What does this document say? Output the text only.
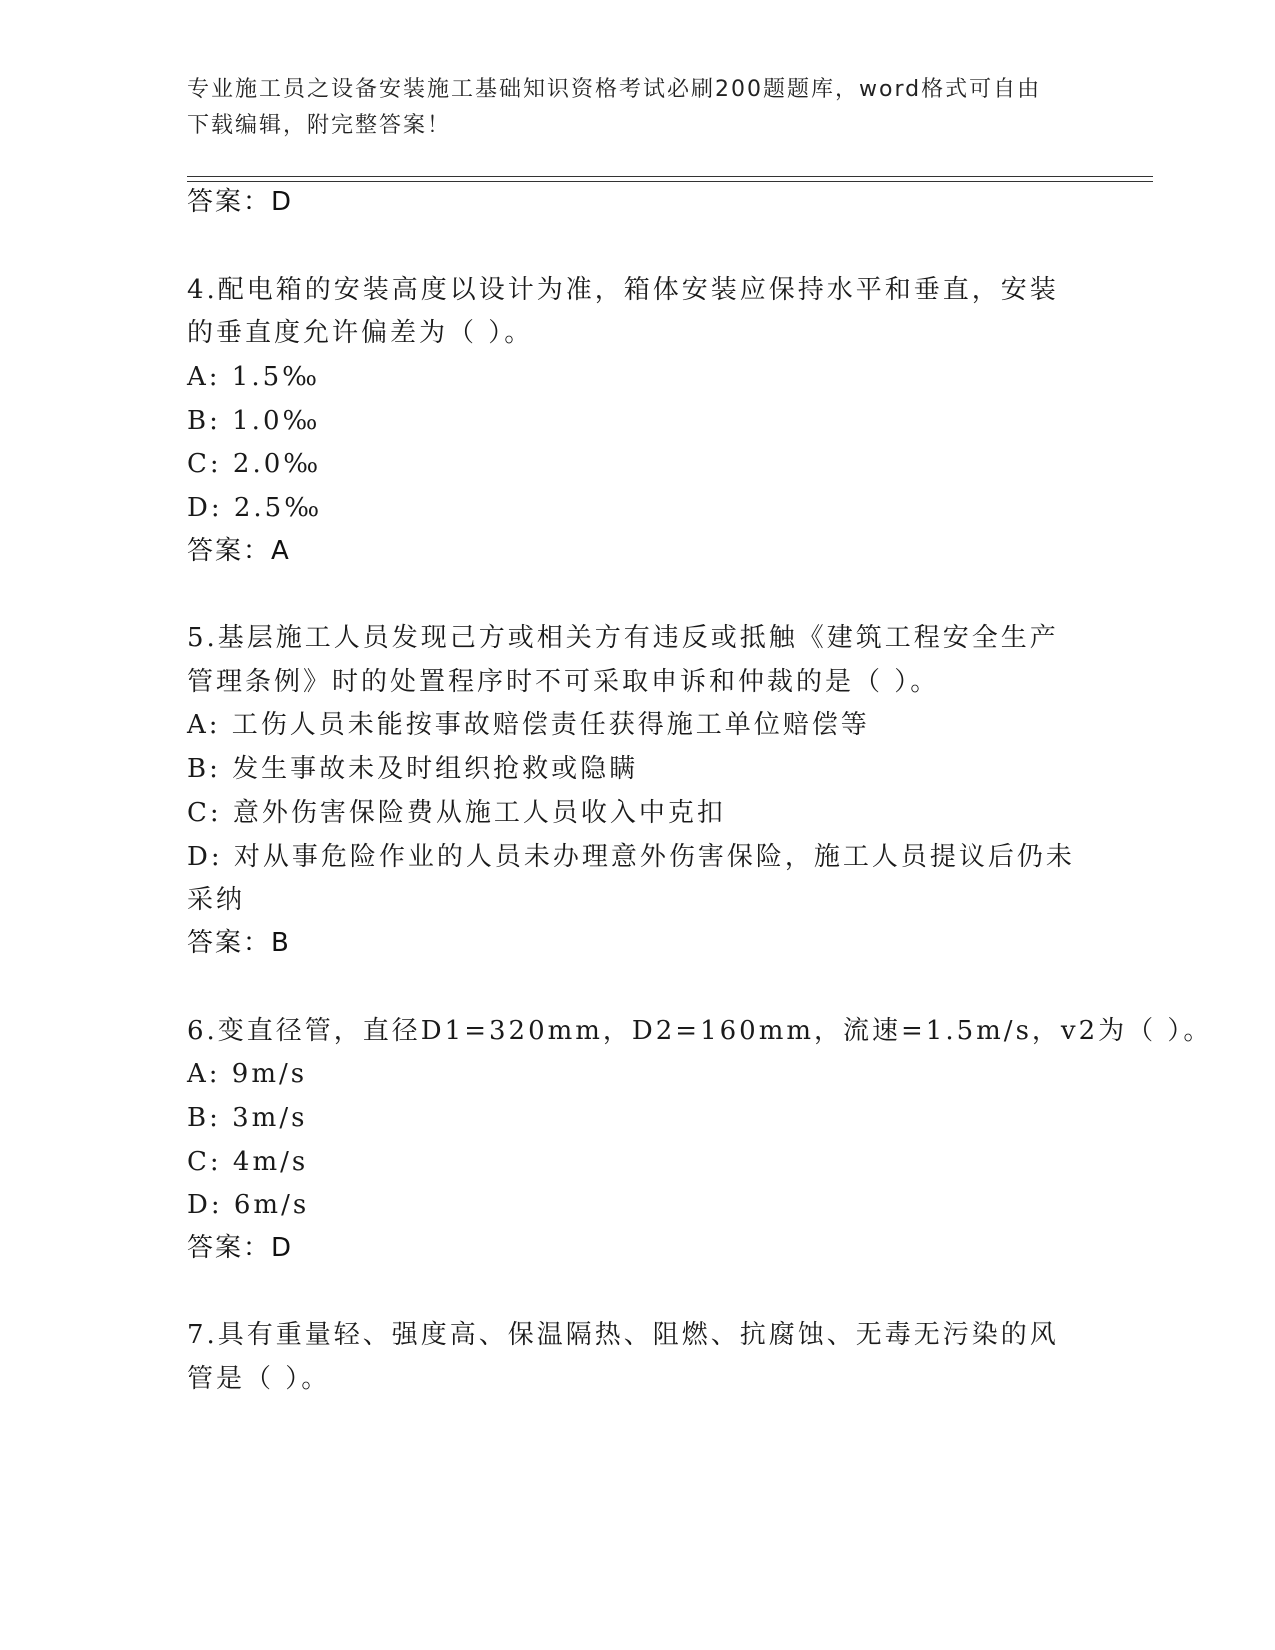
专业施工员之设备安装施工基础知识资格考试必刷200题题库，word格式可自由
下载编辑，附完整答案！
答案：D
4.配电箱的安装高度以设计为准，箱体安装应保持水平和垂直，安装
的垂直度允许偏差为（ ）。
A: 1.5‰
B: 1.0‰
C: 2.0‰
D: 2.5‰
答案：A
5.基层施工人员发现己方或相关方有违反或抵触《建筑工程安全生产
管理条例》时的处置程序时不可采取申诉和仲裁的是（ ）。
A: 工伤人员未能按事故赔偿责任获得施工单位赔偿等
B: 发生事故未及时组织抢救或隐瞒
C: 意外伤害保险费从施工人员收入中克扣
D: 对从事危险作业的人员未办理意外伤害保险，施工人员提议后仍未
采纳
答案：B
6.变直径管，直径D1=320mm，D2=160mm，流速=1.5m/s，v2为（ ）。
A: 9m/s
B: 3m/s
C: 4m/s
D: 6m/s
答案：D
7.具有重量轻、强度高、保温隔热、阻燃、抗腐蚀、无毒无污染的风
管是（ ）。
